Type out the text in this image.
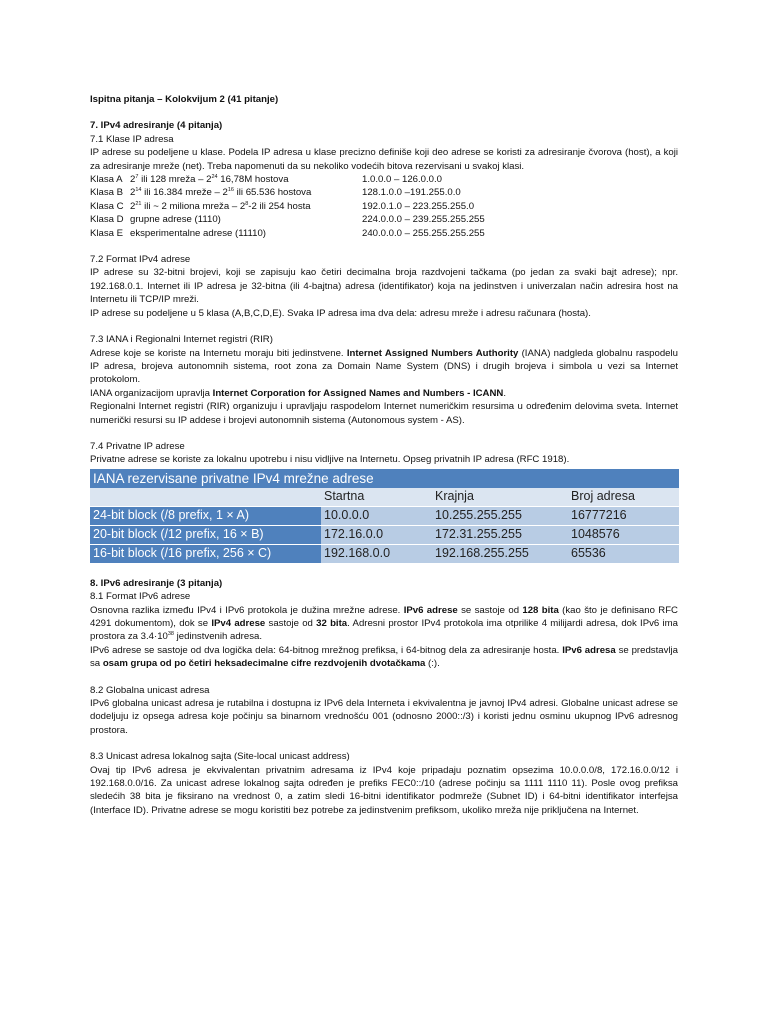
Ispitna pitanja – Kolokvijum 2 (41 pitanje)

7. IPv4 adresiranje (4 pitanja)

7.1 Klase IP adresa

IP adrese su podeljene u klase. Podela IP adresa u klase precizno definiše koji deo adrese se koristi za adresiranje čvorova (host), a koji za adresiranje mreže (net). Treba napomenuti da su nekoliko vodećih bitova rezervisani u svakoj klasi.

Klasa A $2^7$ ili 128 mreža – $2^{24}$ 16,78M hostova	1.0.0.0 – 126.0.0.0
Klasa B $2^{14}$ ili 16.384 mreže – $2^{16}$ ili 65.536 hostova	128.1.0.0 –191.255.0.0
Klasa C $2^{21}$ ili ~ 2 miliona mreža – $2^8-2$ ili 254 hosta	192.0.1.0 – 223.255.255.0
Klasa D grupne adrese (1110)	224.0.0.0 – 239.255.255.255
Klasa E eksperimentalne adrese (11110)	240.0.0.0 – 255.255.255.255

7.2 Format IPv4 adrese

IP adrese su 32-bitni brojevi, koji se zapisuju kao četiri decimalna broja razdvojeni tačkama (po jedan za svaki bajt adrese); npr. 192.168.0.1. Internet ili IP adresa je 32-bitna (ili 4-bajtna) adresa (identifikator) koja na jedinstven i univerzalan način adresira host na Internetu ili TCP/IP mreži.

IP adrese su podeljene u 5 klasa (A,B,C,D,E). Svaka IP adresa ima dva dela: adresu mreže i adresu računara (hosta).

7.3 IANA i Regionalni Internet registri (RIR)

Adrese koje se koriste na Internetu moraju biti jedinstvene. Internet Assigned Numbers Authority (IANA) nadgleda globalnu raspodelu IP adresa, brojeva autonomnih sistema, root zona za Domain Name System (DNS) i drugih brojeva i simbola u vezi sa Internet protokolom.

IANA organizacijom upravlja Internet Corporation for Assigned Names and Numbers - ICANN.

Regionalni Internet registri (RIR) organizuju i upravljaju raspodelom Internet numeričkim resursima u određenim delovima sveta. Internet numerički resursi su IP addese i brojevi autonomnih sistema (Autonomous system - AS).

7.4 Privatne IP adrese

Privatne adrese se koriste za lokalnu upotrebu i nisu vidljive na Internetu. Opseg privatnih IP adresa (RFC 1918).

IANA rezervisane privatne IPv4 mrežne adrese			
	Startna	Krajnja	Broj adresa
24-bit block (/8 prefix, 1 × A)	10.0.0.0	10.255.255.255	16777216
20-bit block (/12 prefix, 16 × B)	172.16.0.0	172.31.255.255	1048576
16-bit block (/16 prefix, 256 × C)	192.168.0.0	192.168.255.255	65536

8. IPv6 adresiranje (3 pitanja)

8.1 Format IPv6 adrese

Osnovna razlika između IPv4 i IPv6 protokola je dužina mrežne adrese. IPv6 adrese se sastoje od 128 bita (kao što je definisano RFC 4291 dokumentom), dok se IPv4 adrese sastoje od 32 bita. Adresni prostor IPv4 protokola ima otprilike 4 milijardi adresa, dok IPv6 ima prostora za $3.4\cdot 10^{38}$ jedinstvenih adresa.

IPv6 adrese se sastoje od dva logička dela: 64-bitnog mrežnog prefiksa, i 64-bitnog dela za adresiranje hosta. IPv6 adresa se predstavlja sa osam grupa od po četiri heksadecimalne cifre rezdvojenih dvotačkama (:).

8.2 Globalna unicast adresa

IPv6 globalna unicast adresa je rutabilna i dostupna iz IPv6 dela Interneta i ekvivalentna je javnoj IPv4 adresi. Globalne unicast adrese se dodeljuju iz opsega adresa koje počinju sa binarnom vrednošću 001 (odnosno 2000::/3) i koristi jednu osminu ukupnog IPv6 adresnog prostora.

8.3 Unicast adresa lokalnog sajta (Site-local unicast address)

Ovaj tip IPv6 adresa je ekvivalentan privatnim adresama iz IPv4 koje pripadaju poznatim opsezima 10.0.0.0/8, 172.16.0.0/12 i 192.168.0.0/16. Za unicast adrese lokalnog sajta određen je prefiks FEC0::/10 (adrese počinju sa 1111 1110 11). Posle ovog prefiksa sledećih 38 bita je fiksirano na vrednost 0, a zatim sledi 16-bitni identifikator podmreže (Subnet ID) i 64-bitni identifikator interfejsa (Interface ID). Privatne adrese se mogu koristiti bez potrebe za jedinstvenim prefiksom, ukoliko mreža nije priključena na Internet.
